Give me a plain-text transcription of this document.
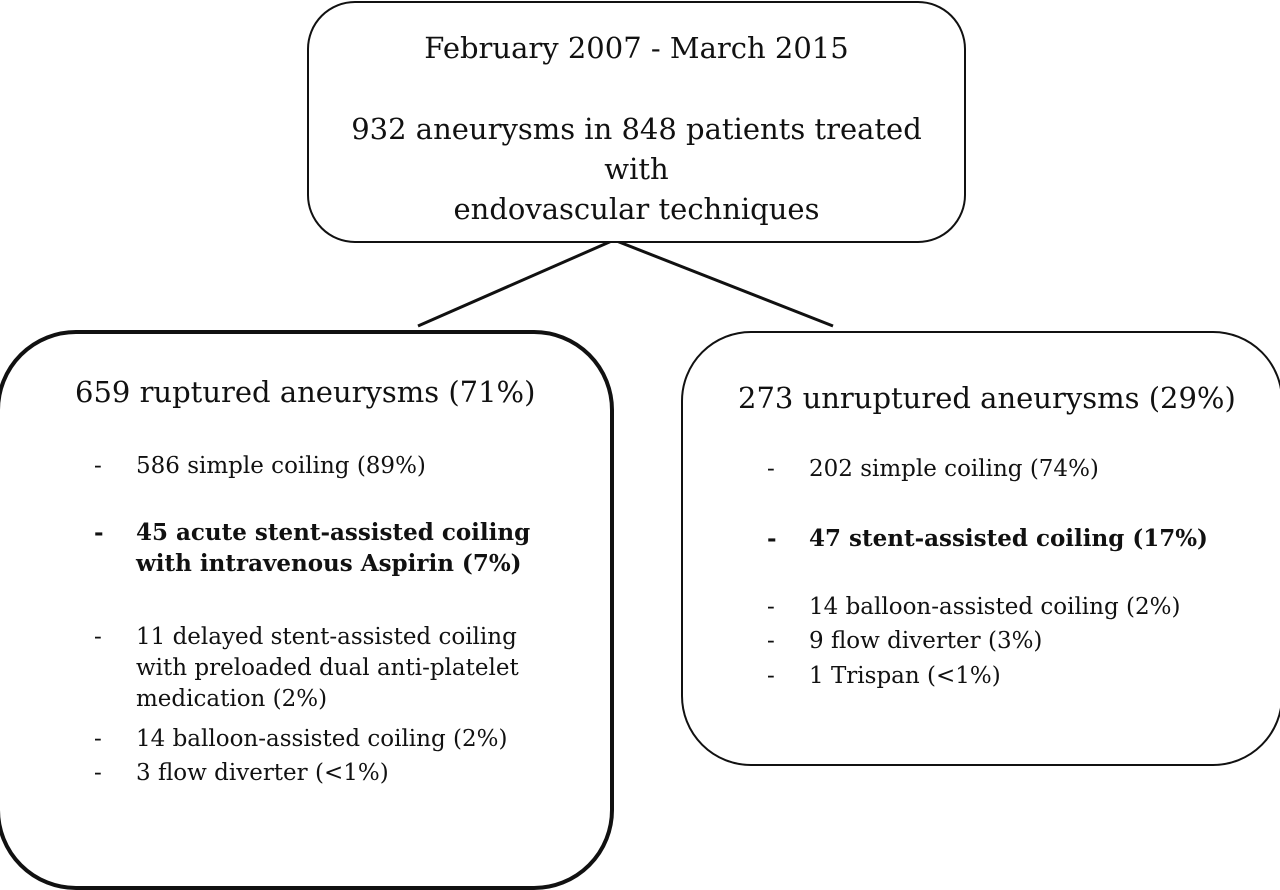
February 2007 - March 2015
932 aneurysms in 848 patients treated
with
endovascular techniques
659 ruptured aneurysms (71%)
- 586 simple coiling (89%)
- 45 acute stent-assisted coiling
with intravenous Aspirin (7%)
- 11 delayed stent-assisted coiling
with preloaded dual anti-platelet
medication (2%)
- 14 balloon-assisted coiling (2%)
- 3 flow diverter (<1%)
273 unruptured aneurysms (29%)
- 202 simple coiling (74%)
- 47 stent-assisted coiling (17%)
- 14 balloon-assisted coiling (2%)
- 9 flow diverter (3%)
- 1 Trispan (<1%)
